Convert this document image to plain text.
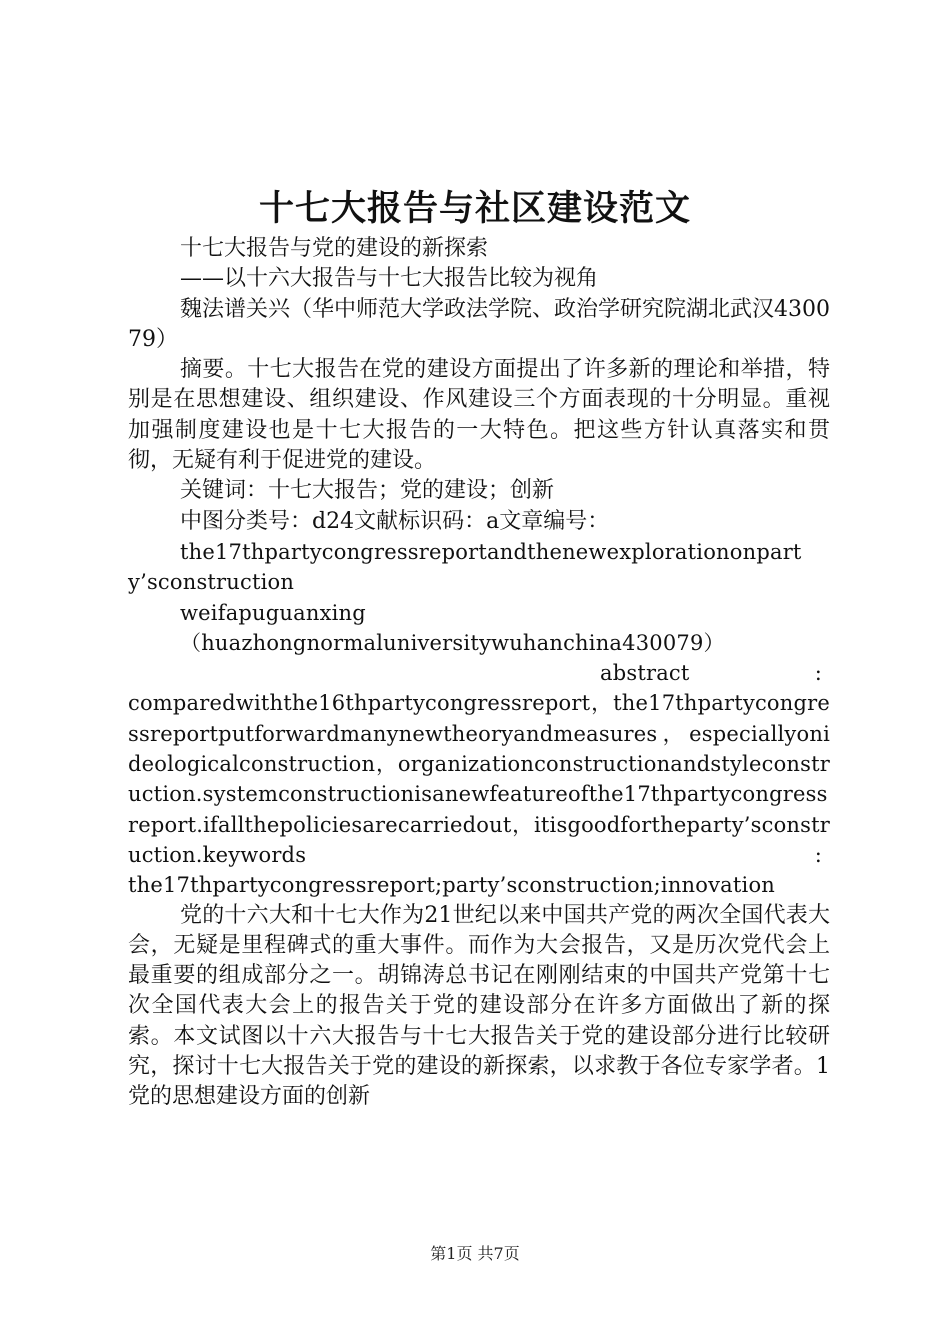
十七大报告与社区建设范文

十七大报告与党的建设的新探索

——以十六大报告与十七大报告比较为视角

魏法谱关兴（华中师范大学政法学院、政治学研究院湖北武汉430079）

摘要。十七大报告在党的建设方面提出了许多新的理论和举措，特别是在思想建设、组织建设、作风建设三个方面表现的十分明显。重视加强制度建设也是十七大报告的一大特色。把这些方针认真落实和贯彻，无疑有利于促进党的建设。

关键词：十七大报告；党的建设；创新

中图分类号：d24文献标识码：a文章编号：

the17thpartycongressreportandthenewexplorationonparty’sconstruction

weifapuguanxing

（huazhongnormaluniversitywuhanchina430079）

abstract	:

comparedwiththe16thpartycongressreport，the17thpartycongressreportputforwardmanynewtheoryandmeasures，especiallyonideologicalconstruction，organizationconstructionandstyleconstruction.systemconstructionisanewfeatureofthe17thpartycongressreport.ifallthepoliciesarecarriedout，itisgoodfortheparty’sconstruction.keywords	:

the17thpartycongressreport;party’sconstruction;innovation

党的十六大和十七大作为21世纪以来中国共产党的两次全国代表大会，无疑是里程碑式的重大事件。而作为大会报告，又是历次党代会上最重要的组成部分之一。胡锦涛总书记在刚刚结束的中国共产党第十七次全国代表大会上的报告关于党的建设部分在许多方面做出了新的探索。本文试图以十六大报告与十七大报告关于党的建设部分进行比较研究，探讨十七大报告关于党的建设的新探索，以求教于各位专家学者。1党的思想建设方面的创新

第1页 共7页
